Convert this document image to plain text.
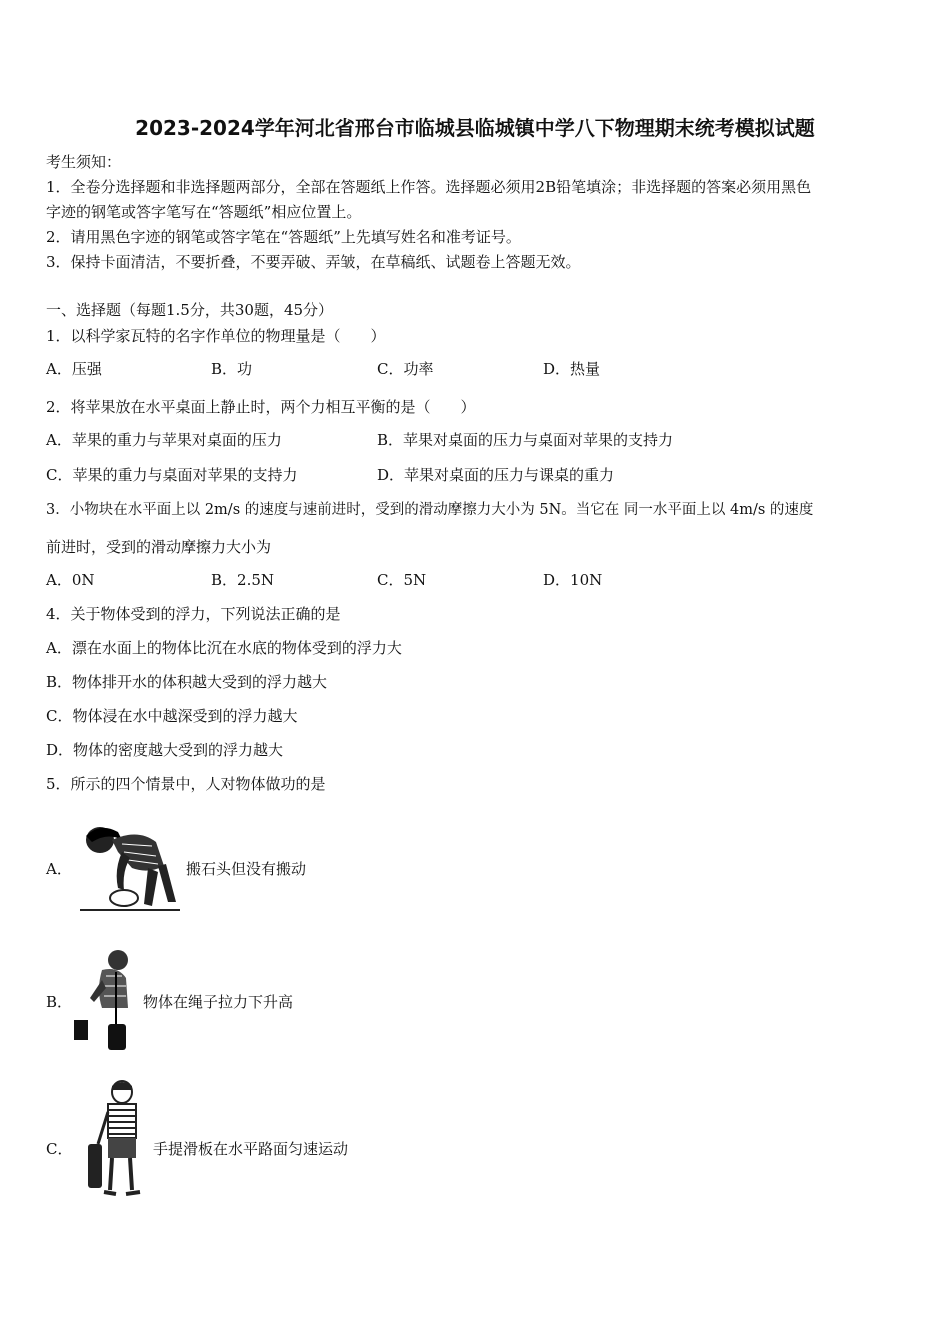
2023-2024学年河北省邢台市临城县临城镇中学八下物理期末统考模拟试题
考生须知：
1．全卷分选择题和非选择题两部分，全部在答题纸上作答。选择题必须用2B铅笔填涂；非选择题的答案必须用黑色
字迹的钢笔或答字笔写在“答题纸”相应位置上。
2．请用黑色字迹的钢笔或答字笔在“答题纸”上先填写姓名和准考证号。
3．保持卡面清洁，不要折叠，不要弄破、弄皱，在草稿纸、试题卷上答题无效。
一、选择题（每题1.5分，共30题，45分）
1．以科学家瓦特的名字作单位的物理量是（　　）
A．压强	B．功	C．功率	D．热量
2．将苹果放在水平桌面上静止时，两个力相互平衡的是（　　）
A．苹果的重力与苹果对桌面的压力	B．苹果对桌面的压力与桌面对苹果的支持力
C．苹果的重力与桌面对苹果的支持力	D．苹果对桌面的压力与课桌的重力
3．小物块在水平面上以 2m/s 的速度与速前进时，受到的滑动摩擦力大小为 5N。当它在 同一水平面上以 4m/s 的速度
前进时，受到的滑动摩擦力大小为
A．0N	B．2.5N	C．5N	D．10N
4．关于物体受到的浮力，下列说法正确的是
A．漂在水面上的物体比沉在水底的物体受到的浮力大
B．物体排开水的体积越大受到的浮力越大
C．物体浸在水中越深受到的浮力越大
D．物体的密度越大受到的浮力越大
5．所示的四个情景中，人对物体做功的是
A．	搬石头但没有搬动
B．	物体在绳子拉力下升高
C．	手提滑板在水平路面匀速运动
